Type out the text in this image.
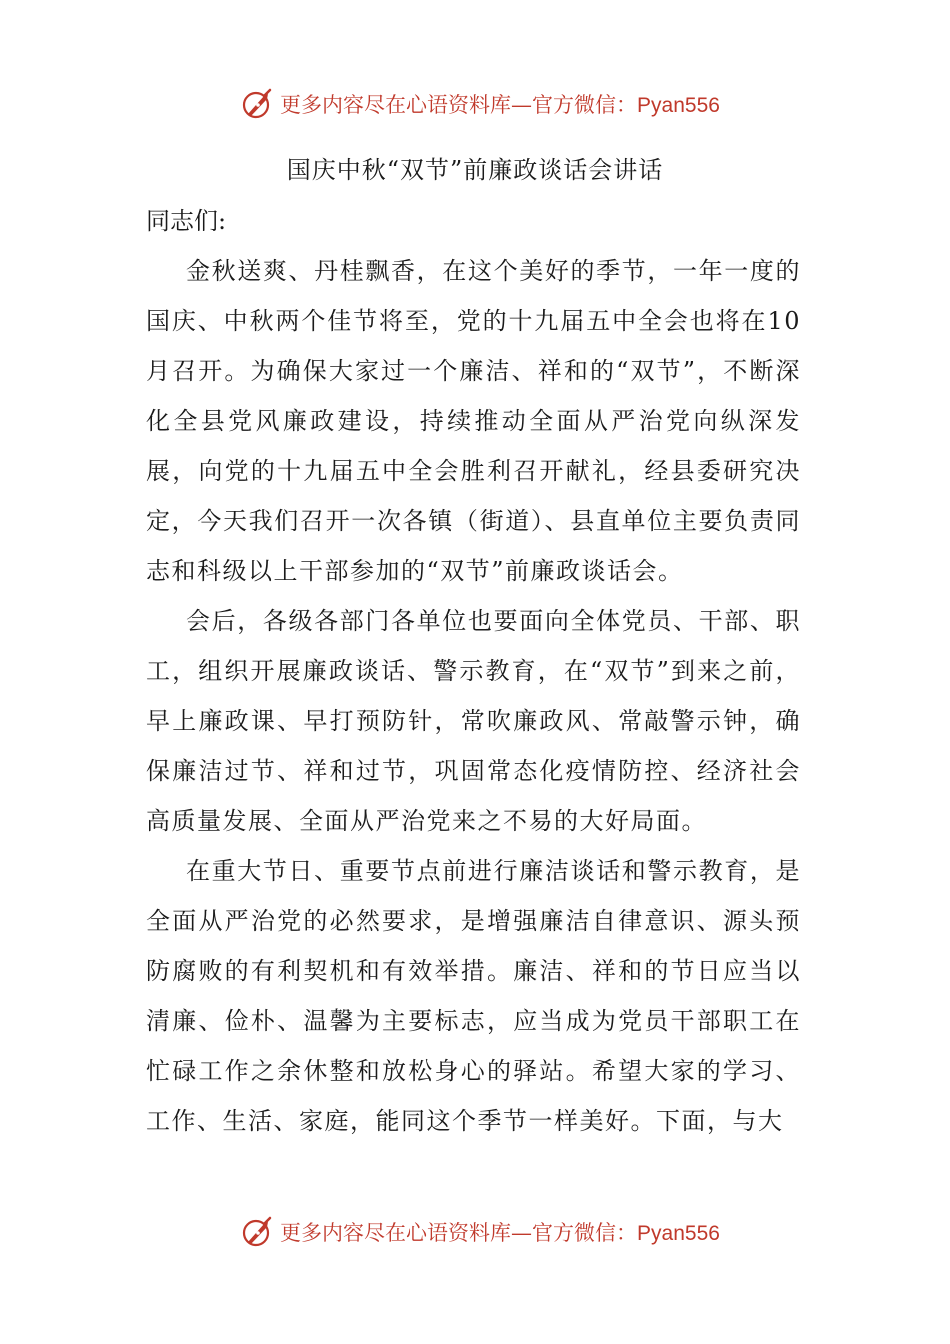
更多内容尽在心语资料库—官方微信：Pyan556
国庆中秋“双节”前廉政谈话会讲话

同志们:

金秋送爽、丹桂飘香，在这个美好的季节，一年一度的国庆、中秋两个佳节将至，党的十九届五中全会也将在10月召开。为确保大家过一个廉洁、祥和的“双节”，不断深化全县党风廉政建设，持续推动全面从严治党向纵深发展，向党的十九届五中全会胜利召开献礼，经县委研究决定，今天我们召开一次各镇（街道）、县直单位主要负责同志和科级以上干部参加的“双节”前廉政谈话会。

会后，各级各部门各单位也要面向全体党员、干部、职工，组织开展廉政谈话、警示教育，在“双节”到来之前，早上廉政课、早打预防针，常吹廉政风、常敲警示钟，确保廉洁过节、祥和过节，巩固常态化疫情防控、经济社会高质量发展、全面从严治党来之不易的大好局面。

在重大节日、重要节点前进行廉洁谈话和警示教育，是全面从严治党的必然要求，是增强廉洁自律意识、源头预防腐败的有利契机和有效举措。廉洁、祥和的节日应当以清廉、俭朴、温馨为主要标志，应当成为党员干部职工在忙碌工作之余休整和放松身心的驿站。希望大家的学习、工作、生活、家庭，能同这个季节一样美好。下面，与大

更多内容尽在心语资料库—官方微信：Pyan556
